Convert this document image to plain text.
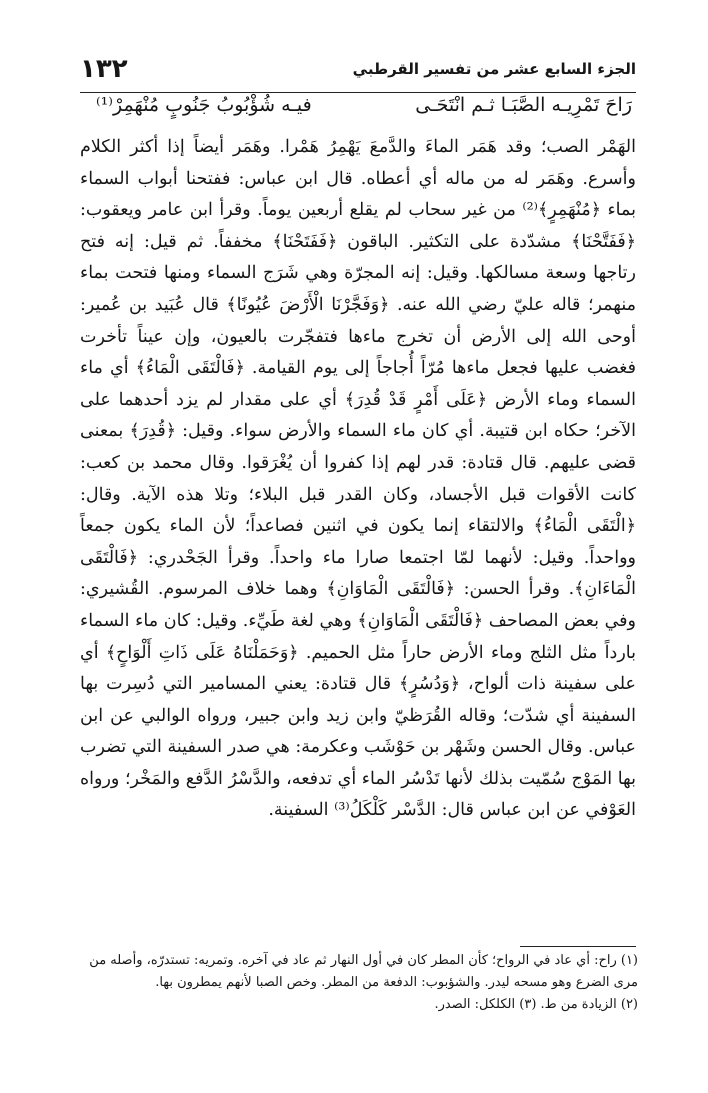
١٣٢	الجزء السابع عشر من تفسير القرطبي
رَاحَ تَمْرِيـه الصَّبَـا ثـم انْتَحَـى
فيـه شُؤْبُوبُ جَنُوبٍ مُنْهَمِرْ⁽¹⁾

الهَمْر الصب؛ وقد هَمَر الماءَ والدَّمعَ يَهْمِرُ هَمْرا. وهَمَر أيضاً إذا أكثر الكلام وأسرع. وهَمَر له من ماله أي أعطاه. قال ابن عباس: ففتحنا أبواب السماء بماء ﴿مُنْهَمِرٍ﴾⁽²⁾ من غير سحاب لم يقلع أربعين يوماً. وقرأ ابن عامر ويعقوب: ﴿فَفَتَّحْنَا﴾ مشدّدة على التكثير. الباقون ﴿فَفَتَحْنَا﴾ مخففاً. ثم قيل: إنه فتح رتاجها وسعة مسالكها. وقيل: إنه المجرّة وهي شَرَج السماء ومنها فتحت بماء منهمر؛ قاله عليّ رضي الله عنه. ﴿وَفَجَّرْنَا الْأَرْضَ عُيُونًا﴾ قال عُبَيد بن عُمير: أوحى الله إلى الأرض أن تخرج ماءها فتفجّرت بالعيون، وإن عيناً تأخرت فغضب عليها فجعل ماءها مُرّاً أُجاجاً إلى يوم القيامة. ﴿فَالْتَقَى الْمَاءُ﴾ أي ماء السماء وماء الأرض ﴿عَلَى أَمْرٍ قَدْ قُدِرَ﴾ أي على مقدار لم يزد أحدهما على الآخر؛ حكاه ابن قتيبة. أي كان ماء السماء والأرض سواء. وقيل: ﴿قُدِرَ﴾ بمعنى قضى عليهم. قال قتادة: قدر لهم إذا كفروا أن يُغْرَقوا. وقال محمد بن كعب: كانت الأقوات قبل الأجساد، وكان القدر قبل البلاء؛ وتلا هذه الآية. وقال: ﴿الْتَقَى الْمَاءُ﴾ والالتقاء إنما يكون في اثنين فصاعداً؛ لأن الماء يكون جمعاً وواحداً. وقيل: لأنهما لمّا اجتمعا صارا ماء واحداً. وقرأ الجَحْدري: ﴿فَالْتَقَى الْمَاءَانِ﴾. وقرأ الحسن: ﴿فَالْتَقَى الْمَاوَانِ﴾ وهما خلاف المرسوم. القُشيري: وفي بعض المصاحف ﴿فَالْتَقَى الْمَاوَانِ﴾ وهي لغة طَيِّء. وقيل: كان ماء السماء بارداً مثل الثلج وماء الأرض حاراً مثل الحميم. ﴿وَحَمَلْنَاهُ عَلَى ذَاتِ أَلْوَاحٍ﴾ أي على سفينة ذات ألواح، ﴿وَدُسُرٍ﴾ قال قتادة: يعني المسامير التي دُسِرت بها السفينة أي شدّت؛ وقاله القُرَظيّ وابن زيد وابن جبير، ورواه الوالبي عن ابن عباس. وقال الحسن وشَهْر بن حَوْشَب وعكرمة: هي صدر السفينة التي تضرب بها المَوْج سُمّيت بذلك لأنها تَدْسُر الماء أي تدفعه، والدَّسْرُ الدَّفع والمَخْر؛ ورواه العَوْفي عن ابن عباس قال: الدَّسْر كَلْكَلُ⁽³⁾ السفينة.

(١) راح: أي عاد في الرواح؛ كأن المطر كان في أول النهار ثم عاد في آخره. وتمريه: تستدرّه، وأصله من مرى الضرع وهو مسحه ليدر. والشؤبوب: الدفعة من المطر. وخص الصبا لأنهم يمطرون بها.

(٢) الزيادة من ط. (٣) الكلكل: الصدر.
